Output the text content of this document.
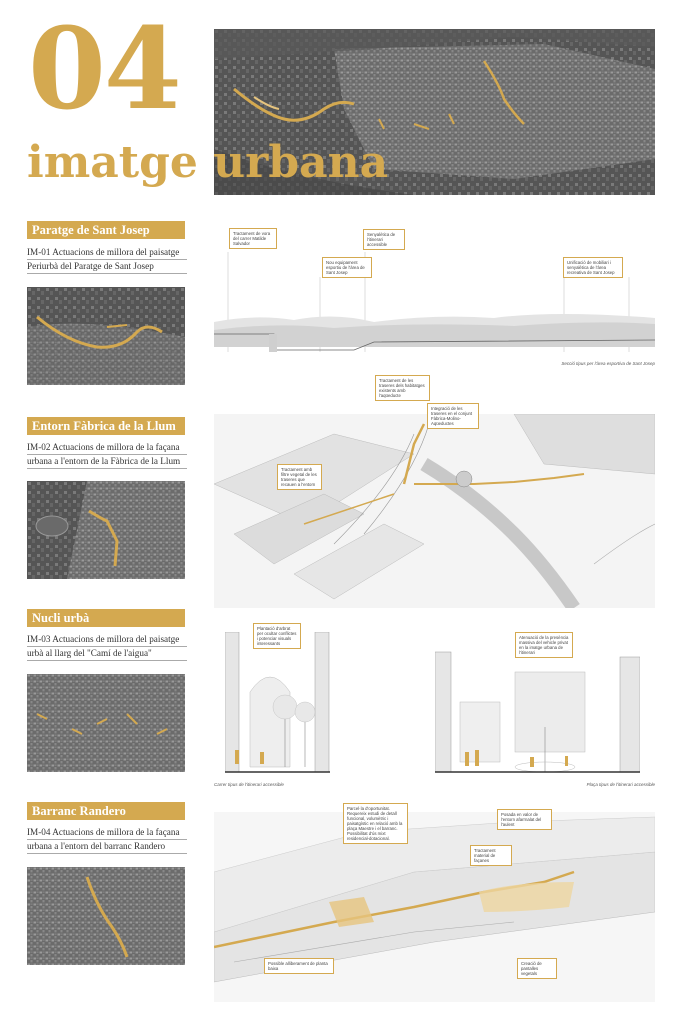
04
imatge urbana
Paratge de Sant Josep
IM-01 Actuacions de millora del paisatge
Periurbà del Paratge de Sant Josep
Tractament de vora del carrer Matilde Salvador
Senyalètica de l'itinerari accessible
Nou equipament esportiu de l'àrea de Sant Josep
Unificació de mobiliari i senyalètica de l'àrea recreativa de Sant Josep
Secció tipus per l'àrea esportiva de Sant Josep
Entorn Fàbrica de la Llum
IM-02 Actuacions de millora de la façana
urbana a l'entorn de la Fàbrica de la Llum
Tractament de les traseres dels habitatges existents amb l'aqüeducte
Integració de les traseres en el conjunt Fàbrica-Molino-Aqüeductes
Tractament amb filtre vegetal de les traseres que recauen a l'entorn
Nucli urbà
IM-03 Actuacions de millora del paisatge
urbà al llarg del "Camí de l'aigua"
Plantació d'arbrat per ocultar conflictes i potenciar visuals interessants
Atenuació de la presència massiva del vehicle privat en la imatge urbana de l'itinerari
Carrer tipus de l'itinerari accessible	Plaça tipus de l'itinerari accessible
Barranc Randero
IM-04 Actuacions de millora de la façana
urbana a l'entorn del barranc Randero
Parcel·la d'oportunitat. Requereix estudi de detall funcional, volumètric i paisatgístic en relació amb la plaça Maestre i el barranc. Possibilitat d'ús mixt residencial-dotacional.
Posada en valor de l'entorn afarrnalat del l'aulent
Tractament material de façanes
Creació de pantalles vegetals
Possible alliberament de planta baixa
